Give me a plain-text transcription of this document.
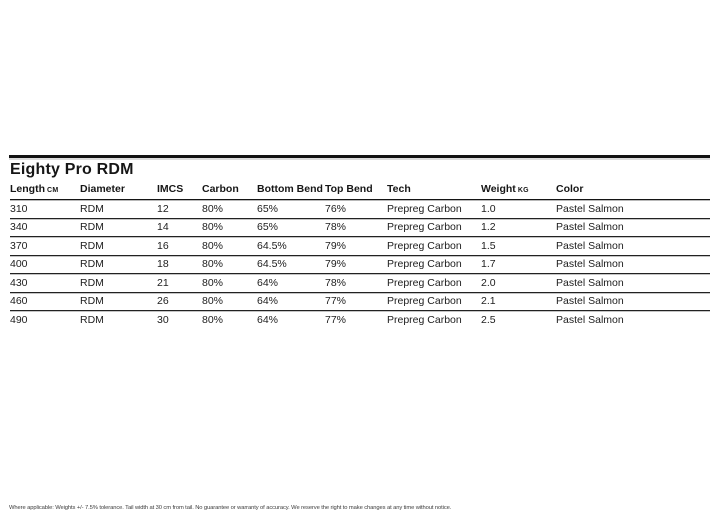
Eighty Pro RDM
Length CM	Diameter	IMCS	Carbon	Bottom Bend	Top Bend	Tech	Weight KG	Color
310	RDM	12	80%	65%	76%	Prepreg Carbon	1.0	Pastel Salmon
340	RDM	14	80%	65%	78%	Prepreg Carbon	1.2	Pastel Salmon
370	RDM	16	80%	64.5%	79%	Prepreg Carbon	1.5	Pastel Salmon
400	RDM	18	80%	64.5%	79%	Prepreg Carbon	1.7	Pastel Salmon
430	RDM	21	80%	64%	78%	Prepreg Carbon	2.0	Pastel Salmon
460	RDM	26	80%	64%	77%	Prepreg Carbon	2.1	Pastel Salmon
490	RDM	30	80%	64%	77%	Prepreg Carbon	2.5	Pastel Salmon

Where applicable: Weights +/- 7.5% tolerance. Tail width at 30 cm from tail. No guarantee or warranty of accuracy. We reserve the right to make changes at any time without notice.
